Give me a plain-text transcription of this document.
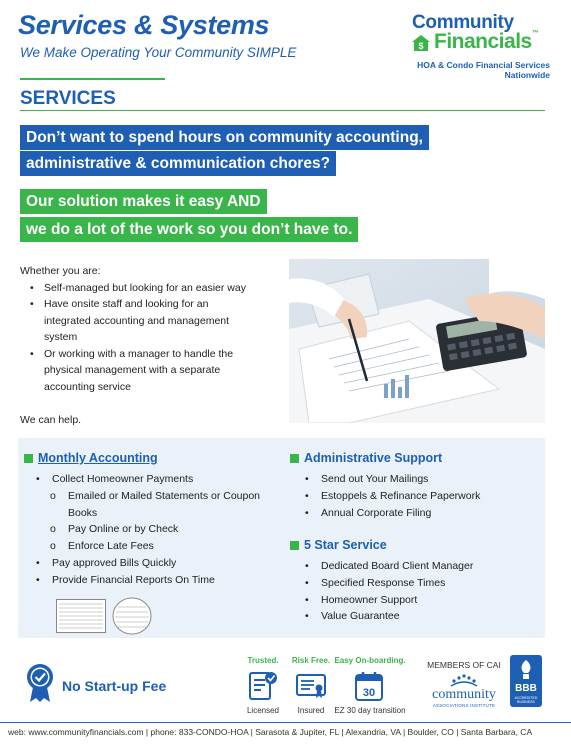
Services & Systems
We Make Operating Your Community SIMPLE
Community
$ Financials™
HOA & Condo Financial Services Nationwide
SERVICES
Don’t want to spend hours on community accounting,
administrative & communication chores?
Our solution makes it easy AND
we do a lot of the work so you don’t have to.
Whether you are:
• Self-managed but looking for an easier way
• Have onsite staff and looking for an integrated accounting and management system
• Or working with a manager to handle the physical management with a separate accounting service
We can help.
Monthly Accounting
• Collect Homeowner Payments
o Emailed or Mailed Statements or Coupon Books
o Pay Online or by Check
o Enforce Late Fees
• Pay approved Bills Quickly
• Provide Financial Reports On Time
Administrative Support
• Send out Your Mailings
• Estoppels & Refinance Paperwork
• Annual Corporate Filing
5 Star Service
• Dedicated Board Client Manager
• Specified Response Times
• Homeowner Support
• Value Guarantee
No Start-up Fee
Trusted.	Risk Free. Easy On-boarding.
30
Licensed	Insured	EZ 30 day transition
MEMBERS OF CAI
community
ASSOCIATIONS INSTITUTE
BBB
ACCREDITED BUSINESS
web: www.communityfinancials.com | phone: 833-CONDO-HOA | Sarasota & Jupiter, FL | Alexandria, VA | Boulder, CO | Santa Barbara, CA
